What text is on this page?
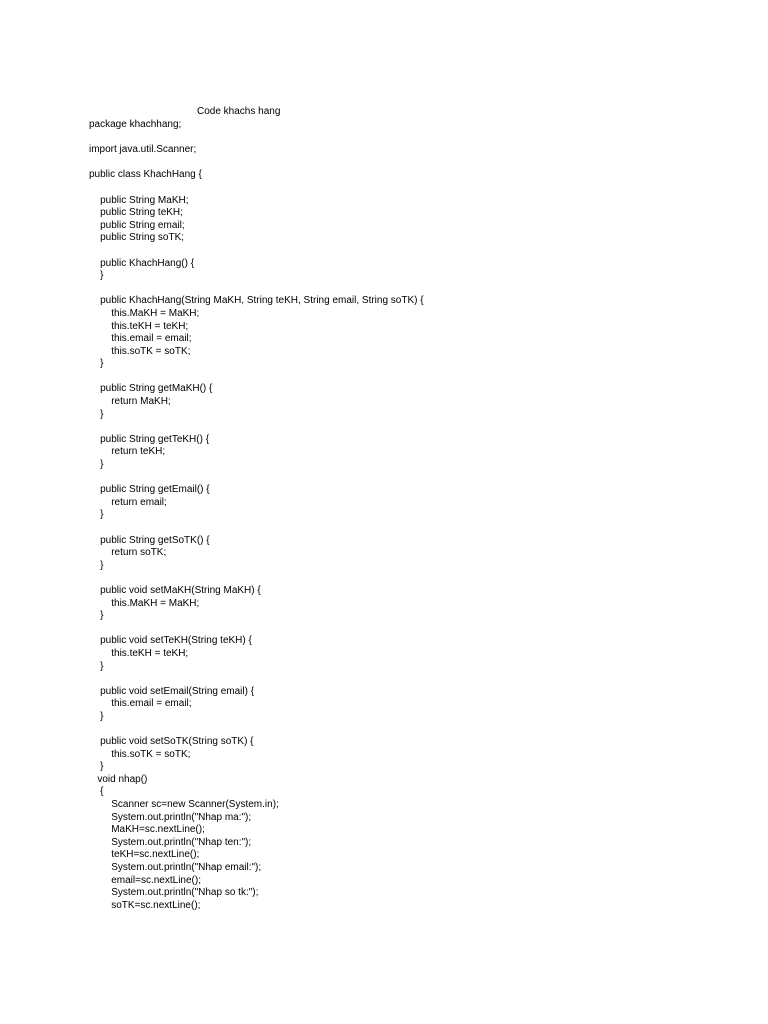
Code khachs hang
package khachhang;
import java.util.Scanner;
public class KhachHang {
public String MaKH;
public String teKH;
public String email;
public String soTK;
public KhachHang() {
}
public KhachHang(String MaKH, String teKH, String email, String soTK) {
this.MaKH = MaKH;
this.teKH = teKH;
this.email = email;
this.soTK = soTK;
}
public String getMaKH() {
return MaKH;
}
public String getTeKH() {
return teKH;
}
public String getEmail() {
return email;
}
public String getSoTK() {
return soTK;
}
public void setMaKH(String MaKH) {
this.MaKH = MaKH;
}
public void setTeKH(String teKH) {
this.teKH = teKH;
}
public void setEmail(String email) {
this.email = email;
}
public void setSoTK(String soTK) {
this.soTK = soTK;
}
void nhap()
{
Scanner sc=new Scanner(System.in);
System.out.println("Nhap ma:");
MaKH=sc.nextLine();
System.out.println("Nhap ten:");
teKH=sc.nextLine();
System.out.println("Nhap email:");
email=sc.nextLine();
System.out.println("Nhap so tk:");
soTK=sc.nextLine();
